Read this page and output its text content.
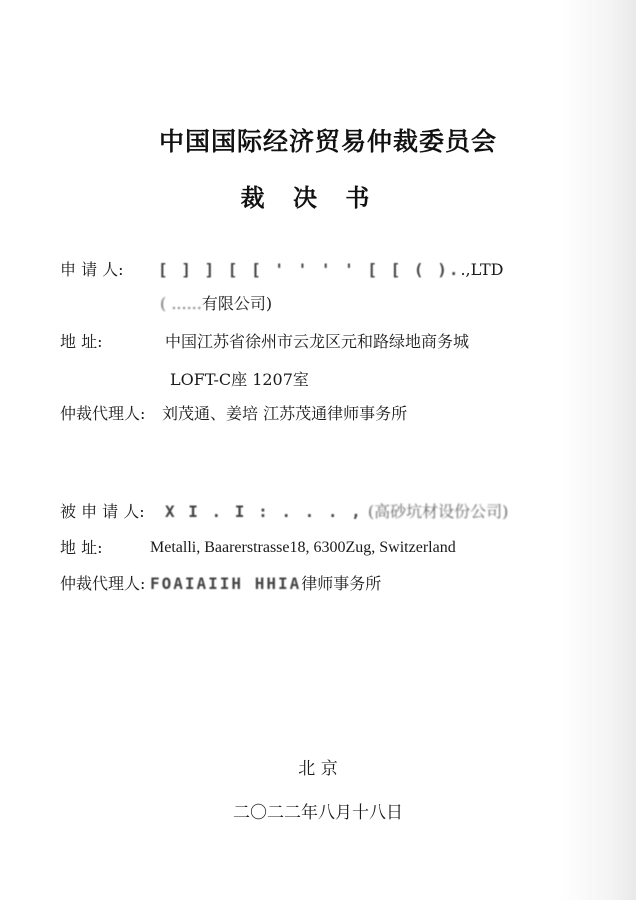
中国国际经济贸易仲裁委员会
裁 决 书
申 请 人: [ ] ] [ [ ' ' ' ' [ [ ( )..,LTD
( ......有限公司)
地 址:	中国江苏省徐州市云龙区元和路绿地商务城
LOFT-C座 1207室
仲裁代理人: 刘茂通、姜培 江苏茂通律师事务所
被 申 请 人: X I . I : . . . , (高砂坑材设份公司)
地 址:	Metalli, Baarerstrasse18, 6300Zug, Switzerland
仲裁代理人: FOAIAIIH HHIA律师事务所
北 京
二〇二二年八月十八日
